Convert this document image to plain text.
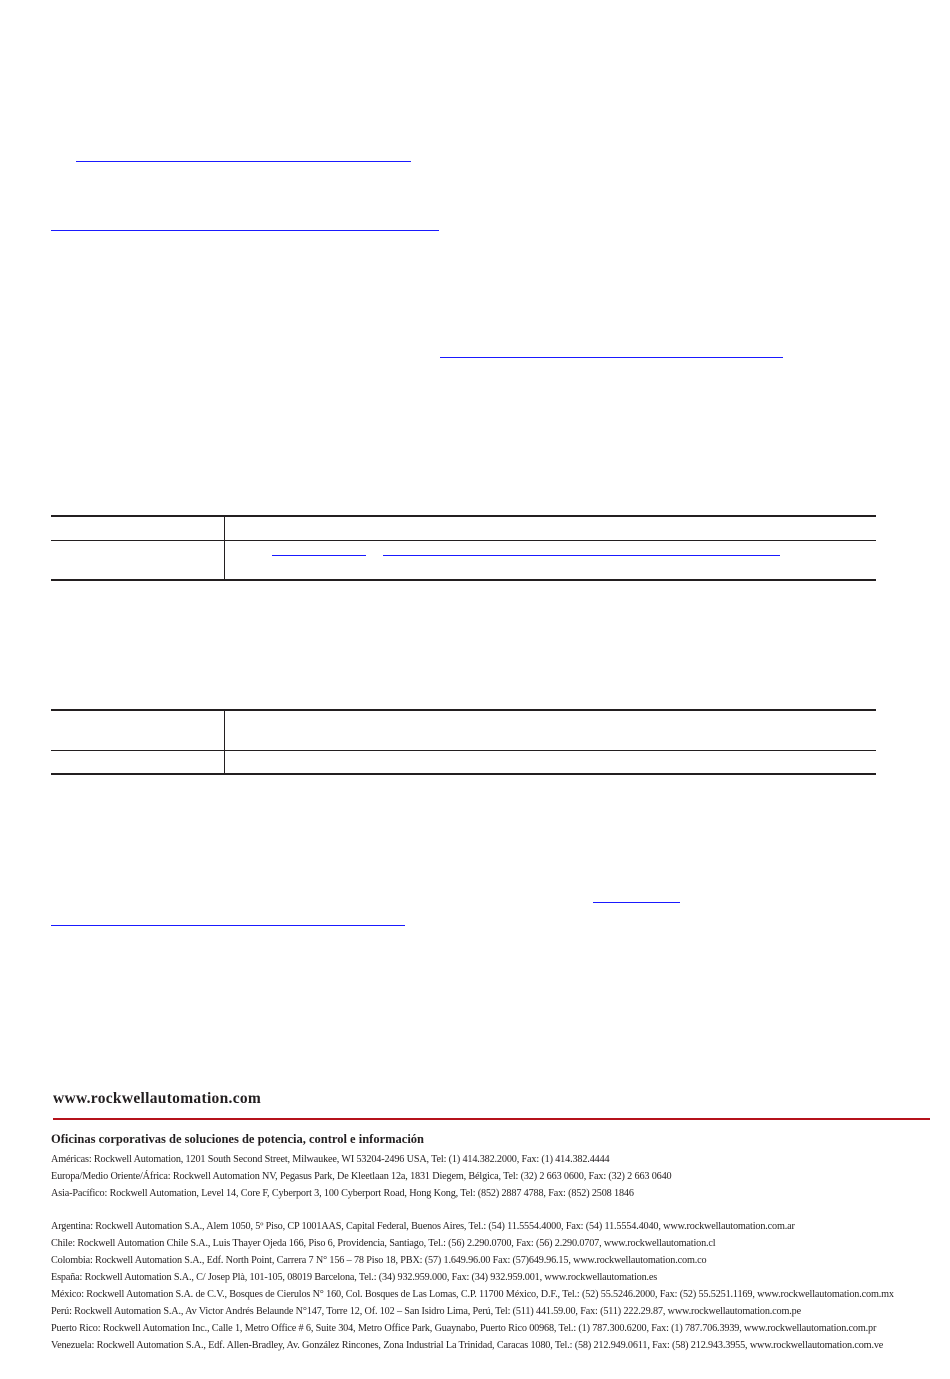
www.rockwellautomation.com
Oficinas corporativas de soluciones de potencia, control e información
Américas: Rockwell Automation, 1201 South Second Street, Milwaukee, WI 53204-2496 USA, Tel: (1) 414.382.2000, Fax: (1) 414.382.4444
Europa/Medio Oriente/África: Rockwell Automation NV, Pegasus Park, De Kleetlaan 12a, 1831 Diegem, Bélgica, Tel: (32) 2 663 0600, Fax: (32) 2 663 0640
Asia-Pacífico: Rockwell Automation, Level 14, Core F, Cyberport 3, 100 Cyberport Road, Hong Kong, Tel: (852) 2887 4788, Fax: (852) 2508 1846
Argentina: Rockwell Automation S.A., Alem 1050, 5º Piso, CP 1001AAS, Capital Federal, Buenos Aires, Tel.: (54) 11.5554.4000, Fax: (54) 11.5554.4040, www.rockwellautomation.com.ar
Chile: Rockwell Automation Chile S.A., Luis Thayer Ojeda 166, Piso 6, Providencia, Santiago, Tel.: (56) 2.290.0700, Fax: (56) 2.290.0707, www.rockwellautomation.cl
Colombia: Rockwell Automation S.A., Edf. North Point, Carrera 7 N° 156 – 78 Piso 18, PBX: (57) 1.649.96.00 Fax: (57)649.96.15, www.rockwellautomation.com.co
España: Rockwell Automation S.A., C/ Josep Plà, 101-105, 08019 Barcelona, Tel.: (34) 932.959.000, Fax: (34) 932.959.001, www.rockwellautomation.es
México: Rockwell Automation S.A. de C.V., Bosques de Cierulos N° 160, Col. Bosques de Las Lomas, C.P. 11700 México, D.F., Tel.: (52) 55.5246.2000, Fax: (52) 55.5251.1169, www.rockwellautomation.com.mx
Perú: Rockwell Automation S.A., Av Victor Andrés Belaunde N°147, Torre 12, Of. 102 – San Isidro Lima, Perú, Tel: (511) 441.59.00, Fax: (511) 222.29.87, www.rockwellautomation.com.pe
Puerto Rico: Rockwell Automation Inc., Calle 1, Metro Office # 6, Suite 304, Metro Office Park, Guaynabo, Puerto Rico 00968, Tel.: (1) 787.300.6200, Fax: (1) 787.706.3939, www.rockwellautomation.com.pr
Venezuela: Rockwell Automation S.A., Edf. Allen-Bradley, Av. González Rincones, Zona Industrial La Trinidad, Caracas 1080, Tel.: (58) 212.949.0611, Fax: (58) 212.943.3955, www.rockwellautomation.com.ve
